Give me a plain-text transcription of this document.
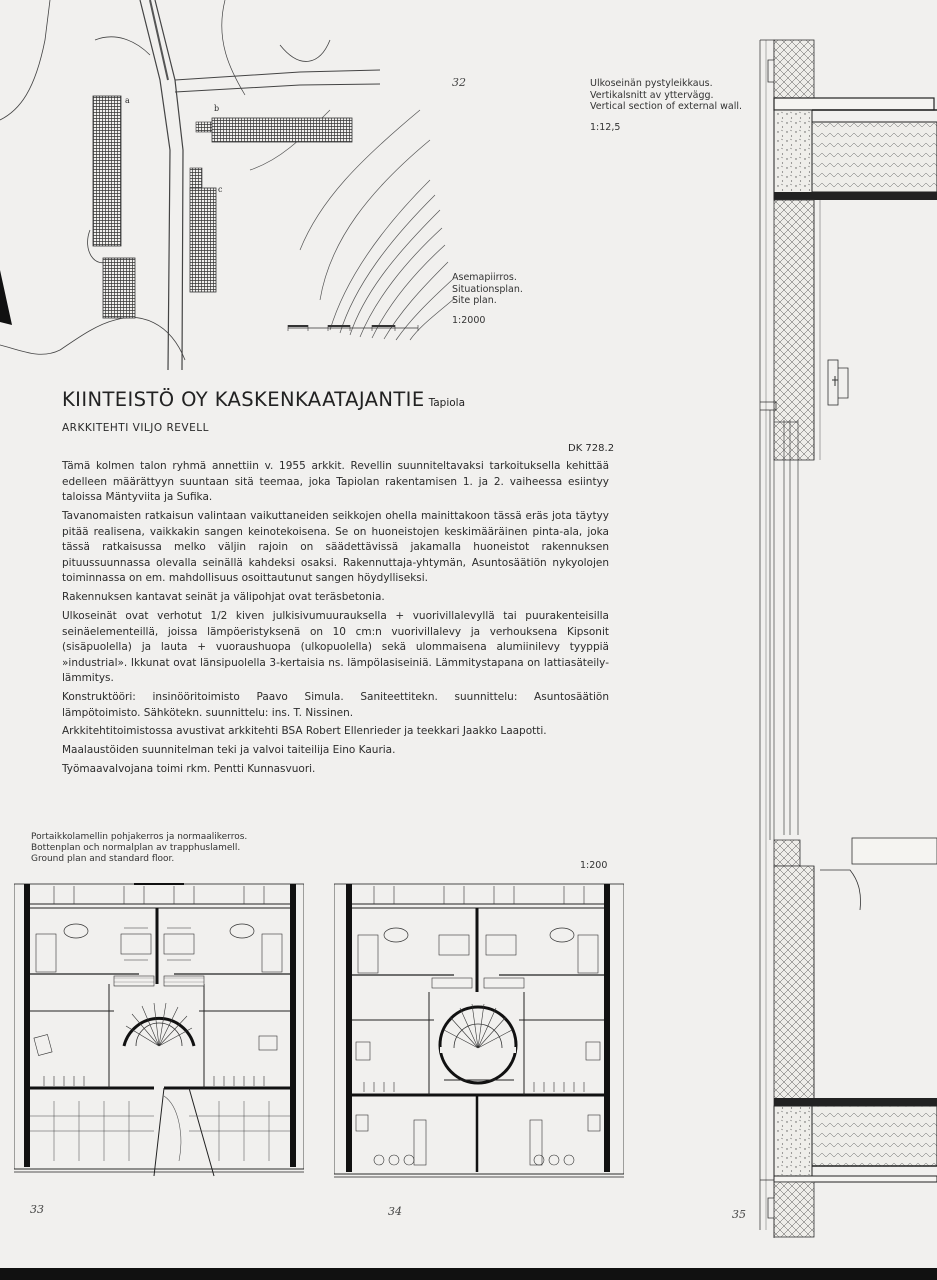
32
a
b
c
Asemapiirros.
Situationsplan.
Site plan.
1:2000
Ulkoseinän pystyleikkaus.
Vertikalsnitt av yttervägg.
Vertical section of external wall.
1:12,5
35
KIINTEISTÖ OY KASKENKAATAJANTIE Tapiola
ARKKITEHTI VILJO REVELL
DK 728.2

Tämä kolmen talon ryhmä annettiin v. 1955 arkkit. Revellin suunniteltavaksi tarkoituksella kehittää edelleen määrättyyn suuntaan sitä teemaa, joka Tapiolan rakentamisen 1. ja 2. vaiheessa esiintyy taloissa Mäntyviita ja Sufika.

Tavanomaisten ratkaisun valintaan vaikuttaneiden seikkojen ohella mainittakoon tässä eräs jota täytyy pitää realisena, vaikkakin sangen keinotekoisena. Se on huoneistojen keskimääräinen pinta-ala, joka tässä ratkaisussa melko väljin rajoin on säädettävissä jakamalla huoneistot rakennuksen pituussuunnassa olevalla seinällä kahdeksi osaksi. Rakennuttaja-yhtymän, Asuntosäätiön nykyolojen toiminnassa on em. mahdollisuus osoittautunut sangen höydylliseksi.

Rakennuksen kantavat seinät ja välipohjat ovat teräsbetonia.

Ulkoseinät ovat verhotut 1/2 kiven julkisivumuurauksella + vuorivillalevyllä tai puurakenteisilla seinäelementeillä, joissa lämpöeristyksenä on 10 cm:n vuorivillalevy ja verhouksena Kipsonit (sisäpuolella) ja lauta + vuoraushuopa (ulkopuolella) sekä ulommaisena alumiinilevy tyyppiä »industrial». Ikkunat ovat länsipuolella 3-kertaisia ns. lämpölasiseiniä. Lämmitystapana on lattiasäteily-lämmitys.

Konstruktööri: insinööritoimisto Paavo Simula. Saniteettitekn. suunnittelu: Asuntosäätiön lämpötoimisto. Sähkötekn. suunnittelu: ins. T. Nissinen.

Arkkitehtitoimistossa avustivat arkkitehti BSA Robert Ellenrieder ja teekkari Jaakko Laapotti.

Maalaustöiden suunnitelman teki ja valvoi taiteilija Eino Kauria.

Työmaavalvojana toimi rkm. Pentti Kunnasvuori.

Portaikkolamellin pohjakerros ja normaalikerros.
Bottenplan och normalplan av trapphuslamell.
Ground plan and standard floor.
1:200
33	34
